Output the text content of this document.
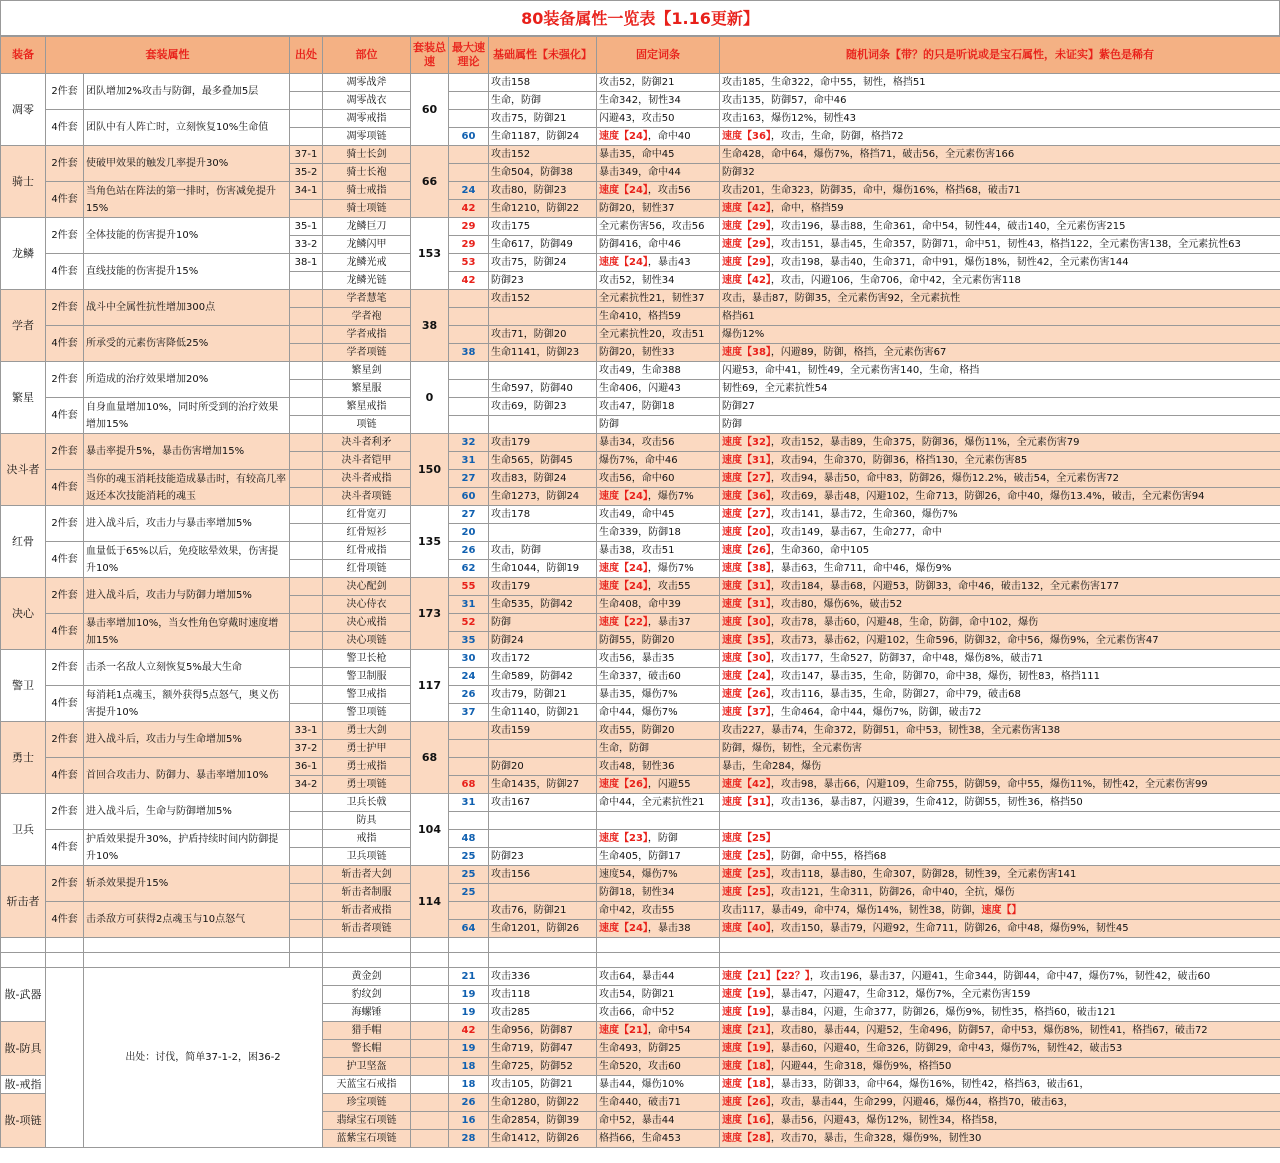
80装备属性一览表【1.16更新】
装备	套装属性		出处	部位	套装总速	最大速理论	基础属性【未强化】	固定词条	随机词条【带？的只是听说或是宝石属性，未证实】紫色是稀有
凋零	2件套	团队增加2%攻击与防御，最多叠加5层		凋零战斧	60		攻击158	攻击52，防御21	攻击185，生命322，命中55，韧性，格挡51
				凋零战衣			生命，防御	生命342，韧性34	攻击135，防御57，命中46
	4件套	团队中有人阵亡时，立刻恢复10%生命值		凋零戒指			攻击75，防御21	闪避43，攻击50	攻击163，爆伤12%，韧性43
				凋零项链		60	生命1187，防御24	速度【24】，命中40	速度【36】，攻击，生命，防御，格挡72
骑士	2件套	使破甲效果的触发几率提升30%	37-1	骑士长剑	66		攻击152	暴击35，命中45	生命428，命中64，爆伤7%，格挡71，破击56，全元素伤害166
			35-2	骑士长袍			生命504，防御38	暴击349，命中44	防御32
	4件套	当角色站在阵法的第一排时，伤害减免提升15%	34-1	骑士戒指		24	攻击80，防御23	速度【24】，攻击56	攻击201，生命323，防御35，命中，爆伤16%，格挡68，破击71
				骑士项链		42	生命1210，防御22	防御20，韧性37	速度【42】，命中，格挡59
龙鳞	2件套	全体技能的伤害提升10%	35-1	龙鳞巨刀	153	29	攻击175	全元素伤害56，攻击56	速度【29】，攻击196，暴击88，生命361，命中54，韧性44，破击140，全元素伤害215
			33-2	龙鳞闪甲		29	生命617，防御49	防御416，命中46	速度【29】，攻击151，暴击45，生命357，防御71，命中51，韧性43，格挡122，全元素伤害138，全元素抗性63
	4件套	直线技能的伤害提升15%	38-1	龙鳞光戒		53	攻击75，防御24	速度【24】，暴击43	速度【29】，攻击198，暴击40，生命371，命中91，爆伤18%，韧性42，全元素伤害144
				龙鳞光链		42	防御23	攻击52，韧性34	速度【42】，攻击，闪避106，生命706，命中42，全元素伤害118
学者	2件套	战斗中全属性抗性增加300点		学者慧笔	38		攻击152	全元素抗性21，韧性37	攻击，暴击87，防御35，全元素伤害92，全元素抗性
				学者袍				生命410，格挡59	格挡61
	4件套	所承受的元素伤害降低25%		学者戒指			攻击71，防御20	全元素抗性20，攻击51	爆伤12%
				学者项链		38	生命1141，防御23	防御20，韧性33	速度【38】，闪避89，防御，格挡，全元素伤害67
繁星	2件套	所造成的治疗效果增加20%		繁星剑	0			攻击49，生命388	闪避53，命中41，韧性49，全元素伤害140，生命，格挡
				繁星服			生命597，防御40	生命406，闪避43	韧性69，全元素抗性54
	4件套	自身血量增加10%，同时所受到的治疗效果增加15%		繁星戒指			攻击69，防御23	攻击47，防御18	防御27
				项链				防御	防御
决斗者	2件套	暴击率提升5%，暴击伤害增加15%		决斗者利矛	150	32	攻击179	暴击34，攻击56	速度【32】，攻击152，暴击89，生命375，防御36，爆伤11%，全元素伤害79
				决斗者铠甲		31	生命565，防御45	爆伤7%，命中46	速度【31】，攻击94，生命370，防御36，格挡130，全元素伤害85
	4件套	当你的魂玉消耗技能造成暴击时，有较高几率返还本次技能消耗的魂玉		决斗者戒指		27	攻击83，防御24	攻击56，命中60	速度【27】，攻击94，暴击50，命中83，防御26，爆伤12.2%，破击54，全元素伤害72
				决斗者项链		60	生命1273，防御24	速度【24】，爆伤7%	速度【36】，攻击69，暴击48，闪避102，生命713，防御26，命中40，爆伤13.4%，破击，全元素伤害94
红骨	2件套	进入战斗后，攻击力与暴击率增加5%		红骨宽刃	135	27	攻击178	攻击49，命中45	速度【27】，攻击141，暴击72，生命360，爆伤7%
				红骨短衫		20		生命339，防御18	速度【20】，攻击149，暴击67，生命277，命中
	4件套	血量低于65%以后，免疫眩晕效果，伤害提升10%		红骨戒指		26	攻击，防御	暴击38，攻击51	速度【26】，生命360，命中105
				红骨项链		62	生命1044，防御19	速度【24】，爆伤7%	速度【38】，暴击63，生命711，命中46，爆伤9%
决心	2件套	进入战斗后，攻击力与防御力增加5%		决心配剑	173	55	攻击179	速度【24】，攻击55	速度【31】，攻击184，暴击68，闪避53，防御33，命中46，破击132，全元素伤害177
				决心侍衣		31	生命535，防御42	生命408，命中39	速度【31】，攻击80，爆伤6%，破击52
	4件套	暴击率增加10%，当女性角色穿戴时速度增加15%		决心戒指		52	防御	速度【22】，暴击37	速度【30】，攻击78，暴击60，闪避48，生命，防御，命中102，爆伤
				决心项链		35	防御24	防御55，防御20	速度【35】，攻击73，暴击62，闪避102，生命596，防御32，命中56，爆伤9%，全元素伤害47
警卫	2件套	击杀一名敌人立刻恢复5%最大生命		警卫长枪	117	30	攻击172	攻击56，暴击35	速度【30】，攻击177，生命527，防御37，命中48，爆伤8%，破击71
				警卫制服		24	生命589，防御42	生命337，破击60	速度【24】，攻击147，暴击35，生命，防御70，命中38，爆伤，韧性83，格挡111
	4件套	每消耗1点魂玉，额外获得5点怒气，奥义伤害提升10%		警卫戒指		26	攻击79，防御21	暴击35，爆伤7%	速度【26】，攻击116，暴击35，生命，防御27，命中79，破击68
				警卫项链		37	生命1140，防御21	命中44，爆伤7%	速度【37】，生命464，命中44，爆伤7%，防御，破击72
勇士	2件套	进入战斗后，攻击力与生命增加5%	33-1	勇士大剑	68		攻击159	攻击55，防御20	攻击227，暴击74，生命372，防御51，命中53，韧性38，全元素伤害138
			37-2	勇士护甲				生命，防御	防御，爆伤，韧性，全元素伤害
	4件套	首回合攻击力、防御力、暴击率增加10%	36-1	勇士戒指			防御20	攻击48，韧性36	暴击，生命284，爆伤
			34-2	勇士项链		68	生命1435，防御27	速度【26】，闪避55	速度【42】，攻击98，暴击66，闪避109，生命755，防御59，命中55，爆伤11%，韧性42，全元素伤害99
卫兵	2件套	进入战斗后，生命与防御增加5%		卫兵长戟	104	31	攻击167	命中44，全元素抗性21	速度【31】，攻击136，暴击87，闪避39，生命412，防御55，韧性36，格挡50
				防具					
	4件套	护盾效果提升30%，护盾持续时间内防御提升10%		戒指		48		速度【23】，防御	速度【25】
				卫兵项链		25	防御23	生命405，防御17	速度【25】，防御，命中55，格挡68
斩击者	2件套	斩杀效果提升15%		斩击者大剑	114	25	攻击156	速度54，爆伤7%	速度【25】，攻击118，暴击80，生命307，防御28，韧性39，全元素伤害141
				斩击者制服		25		防御18，韧性34	速度【25】，攻击121，生命311，防御26，命中40，全抗，爆伤
	4件套	击杀敌方可获得2点魂玉与10点怒气		斩击者戒指			攻击76，防御21	命中42，攻击55	攻击117，暴击49，命中74，爆伤14%，韧性38，防御，速度【】
				斩击者项链		64	生命1201，防御26	速度【24】，暴击38	速度【40】，攻击150，暴击79，闪避92，生命711，防御26，命中48，爆伤9%，韧性45

散-武器		出处：讨伐，简单37-1-2，困36-2		黄金剑		21	攻击336	攻击64，暴击44	速度【21】【22？】，攻击196，暴击37，闪避41，生命344，防御44，命中47，爆伤7%，韧性42，破击60
				豹纹剑		19	攻击118	攻击54，防御21	速度【19】，暴击47，闪避47，生命312，爆伤7%，全元素伤害159
				海螺锤		19	攻击285	攻击66，命中52	速度【19】，暴击84，闪避，生命377，防御26，爆伤9%，韧性35，格挡60，破击121
散-防具				猎手帽		42	生命956，防御87	速度【21】，命中54	速度【21】，攻击80，暴击44，闪避52，生命496，防御57，命中53，爆伤8%，韧性41，格挡67，破击72
				警长帽		19	生命719，防御47	生命493，防御25	速度【19】，暴击60，闪避40，生命326，防御29，命中43，爆伤7%，韧性42，破击53
				护卫坚盔		18	生命725，防御52	生命520，攻击60	速度【18】，闪避44，生命318，爆伤9%，格挡50
散-戒指				天蓝宝石戒指		18	攻击105，防御21	暴击44，爆伤10%	速度【18】，暴击33，防御33，命中64，爆伤16%，韧性42，格挡63，破击61，
散-项链				珍宝项链		26	生命1280，防御22	生命440，破击71	速度【26】，攻击，暴击44，生命299，闪避46，爆伤44，格挡70，破击63，
				翡绿宝石项链		16	生命2854，防御39	命中52，暴击44	速度【16】，暴击56，闪避43，爆伤12%，韧性34，格挡58，
				蓝紫宝石项链		28	生命1412，防御26	格挡66，生命453	速度【28】，攻击70，暴击，生命328，爆伤9%，韧性30
